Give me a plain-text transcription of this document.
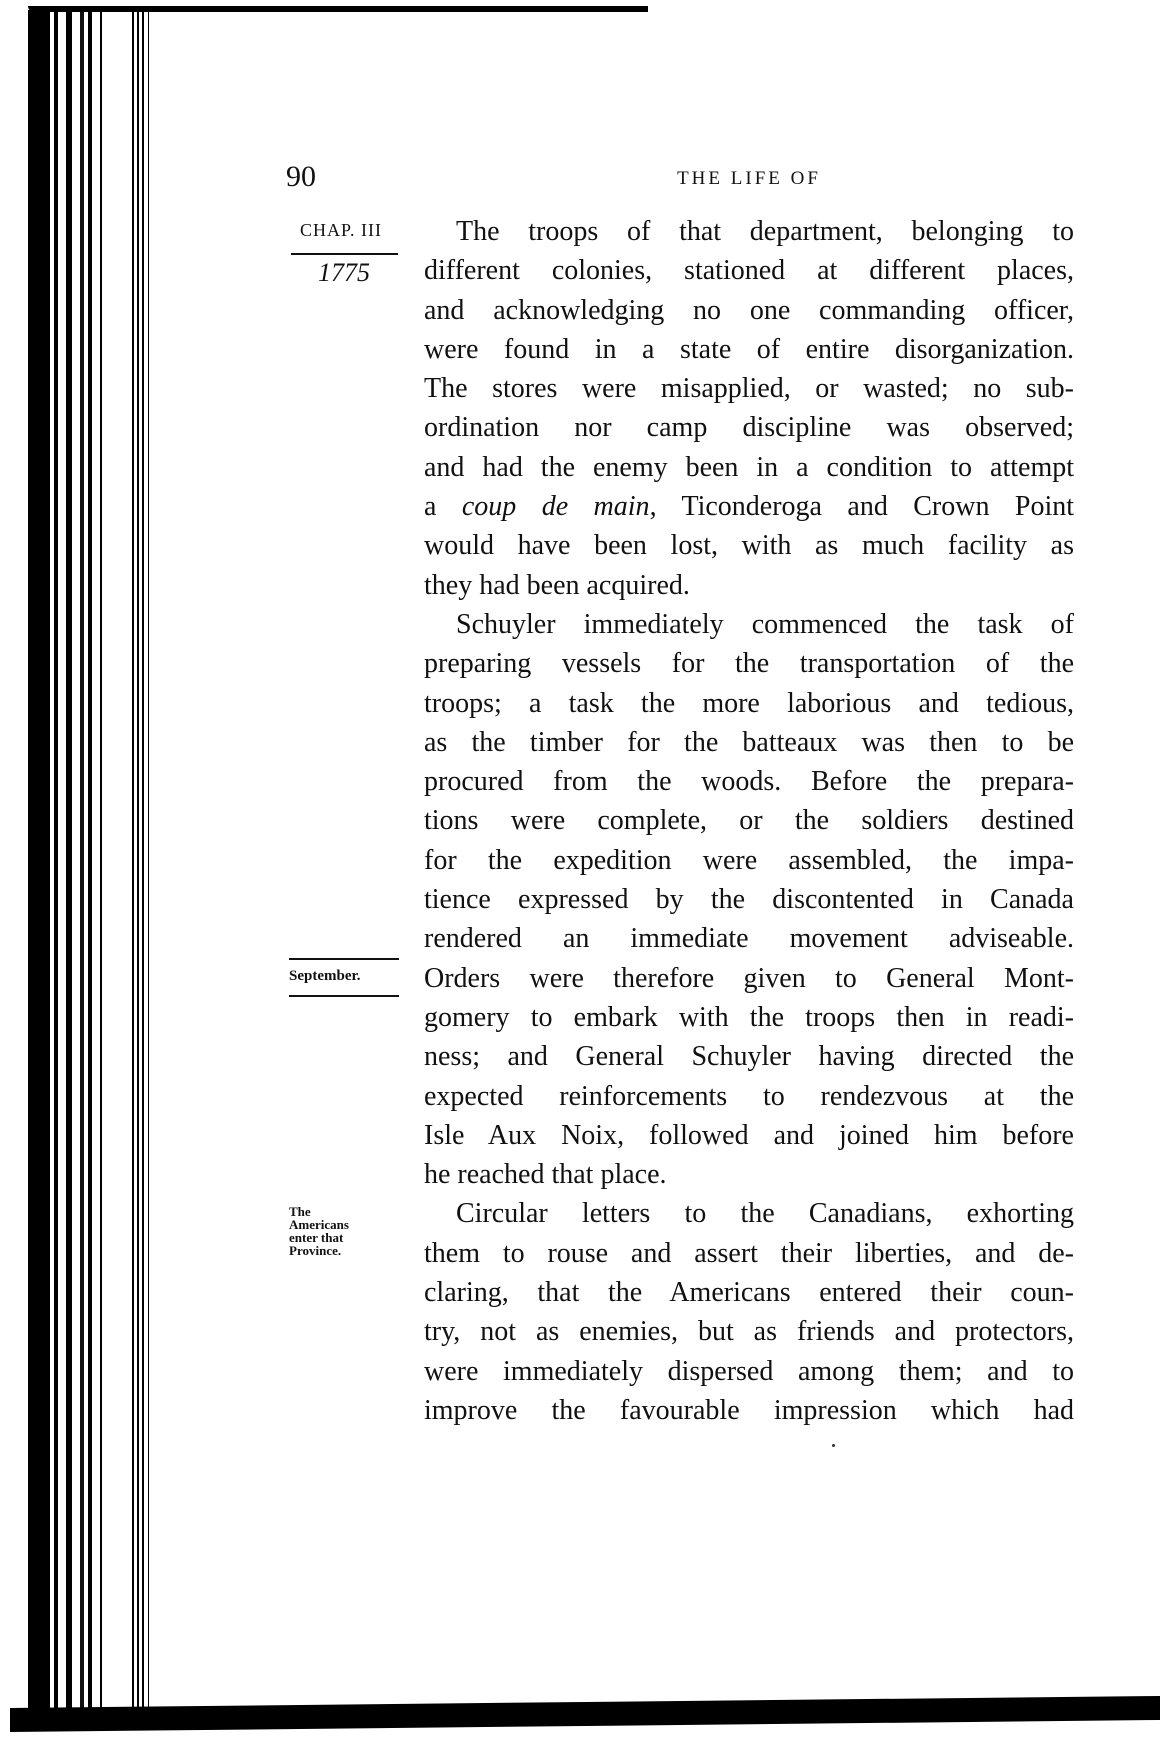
90	THE LIFE OF
CHAP. III
1775
September.
The
Americans
enter that
Province.
The troops of that department, belonging to
different colonies, stationed at different places,
and acknowledging no one commanding officer,
were found in a state of entire disorganization.
The stores were misapplied, or wasted; no sub-
ordination nor camp discipline was observed;
and had the enemy been in a condition to attempt
a coup de main, Ticonderoga and Crown Point
would have been lost, with as much facility as
they had been acquired.
Schuyler immediately commenced the task of
preparing vessels for the transportation of the
troops; a task the more laborious and tedious,
as the timber for the batteaux was then to be
procured from the woods. Before the prepara-
tions were complete, or the soldiers destined
for the expedition were assembled, the impa-
tience expressed by the discontented in Canada
rendered an immediate movement adviseable.
Orders were therefore given to General Mont-
gomery to embark with the troops then in readi-
ness; and General Schuyler having directed the
expected reinforcements to rendezvous at the
Isle Aux Noix, followed and joined him before
he reached that place.
Circular letters to the Canadians, exhorting
them to rouse and assert their liberties, and de-
claring, that the Americans entered their coun-
try, not as enemies, but as friends and protectors,
were immediately dispersed among them; and to
improve the favourable impression which had
